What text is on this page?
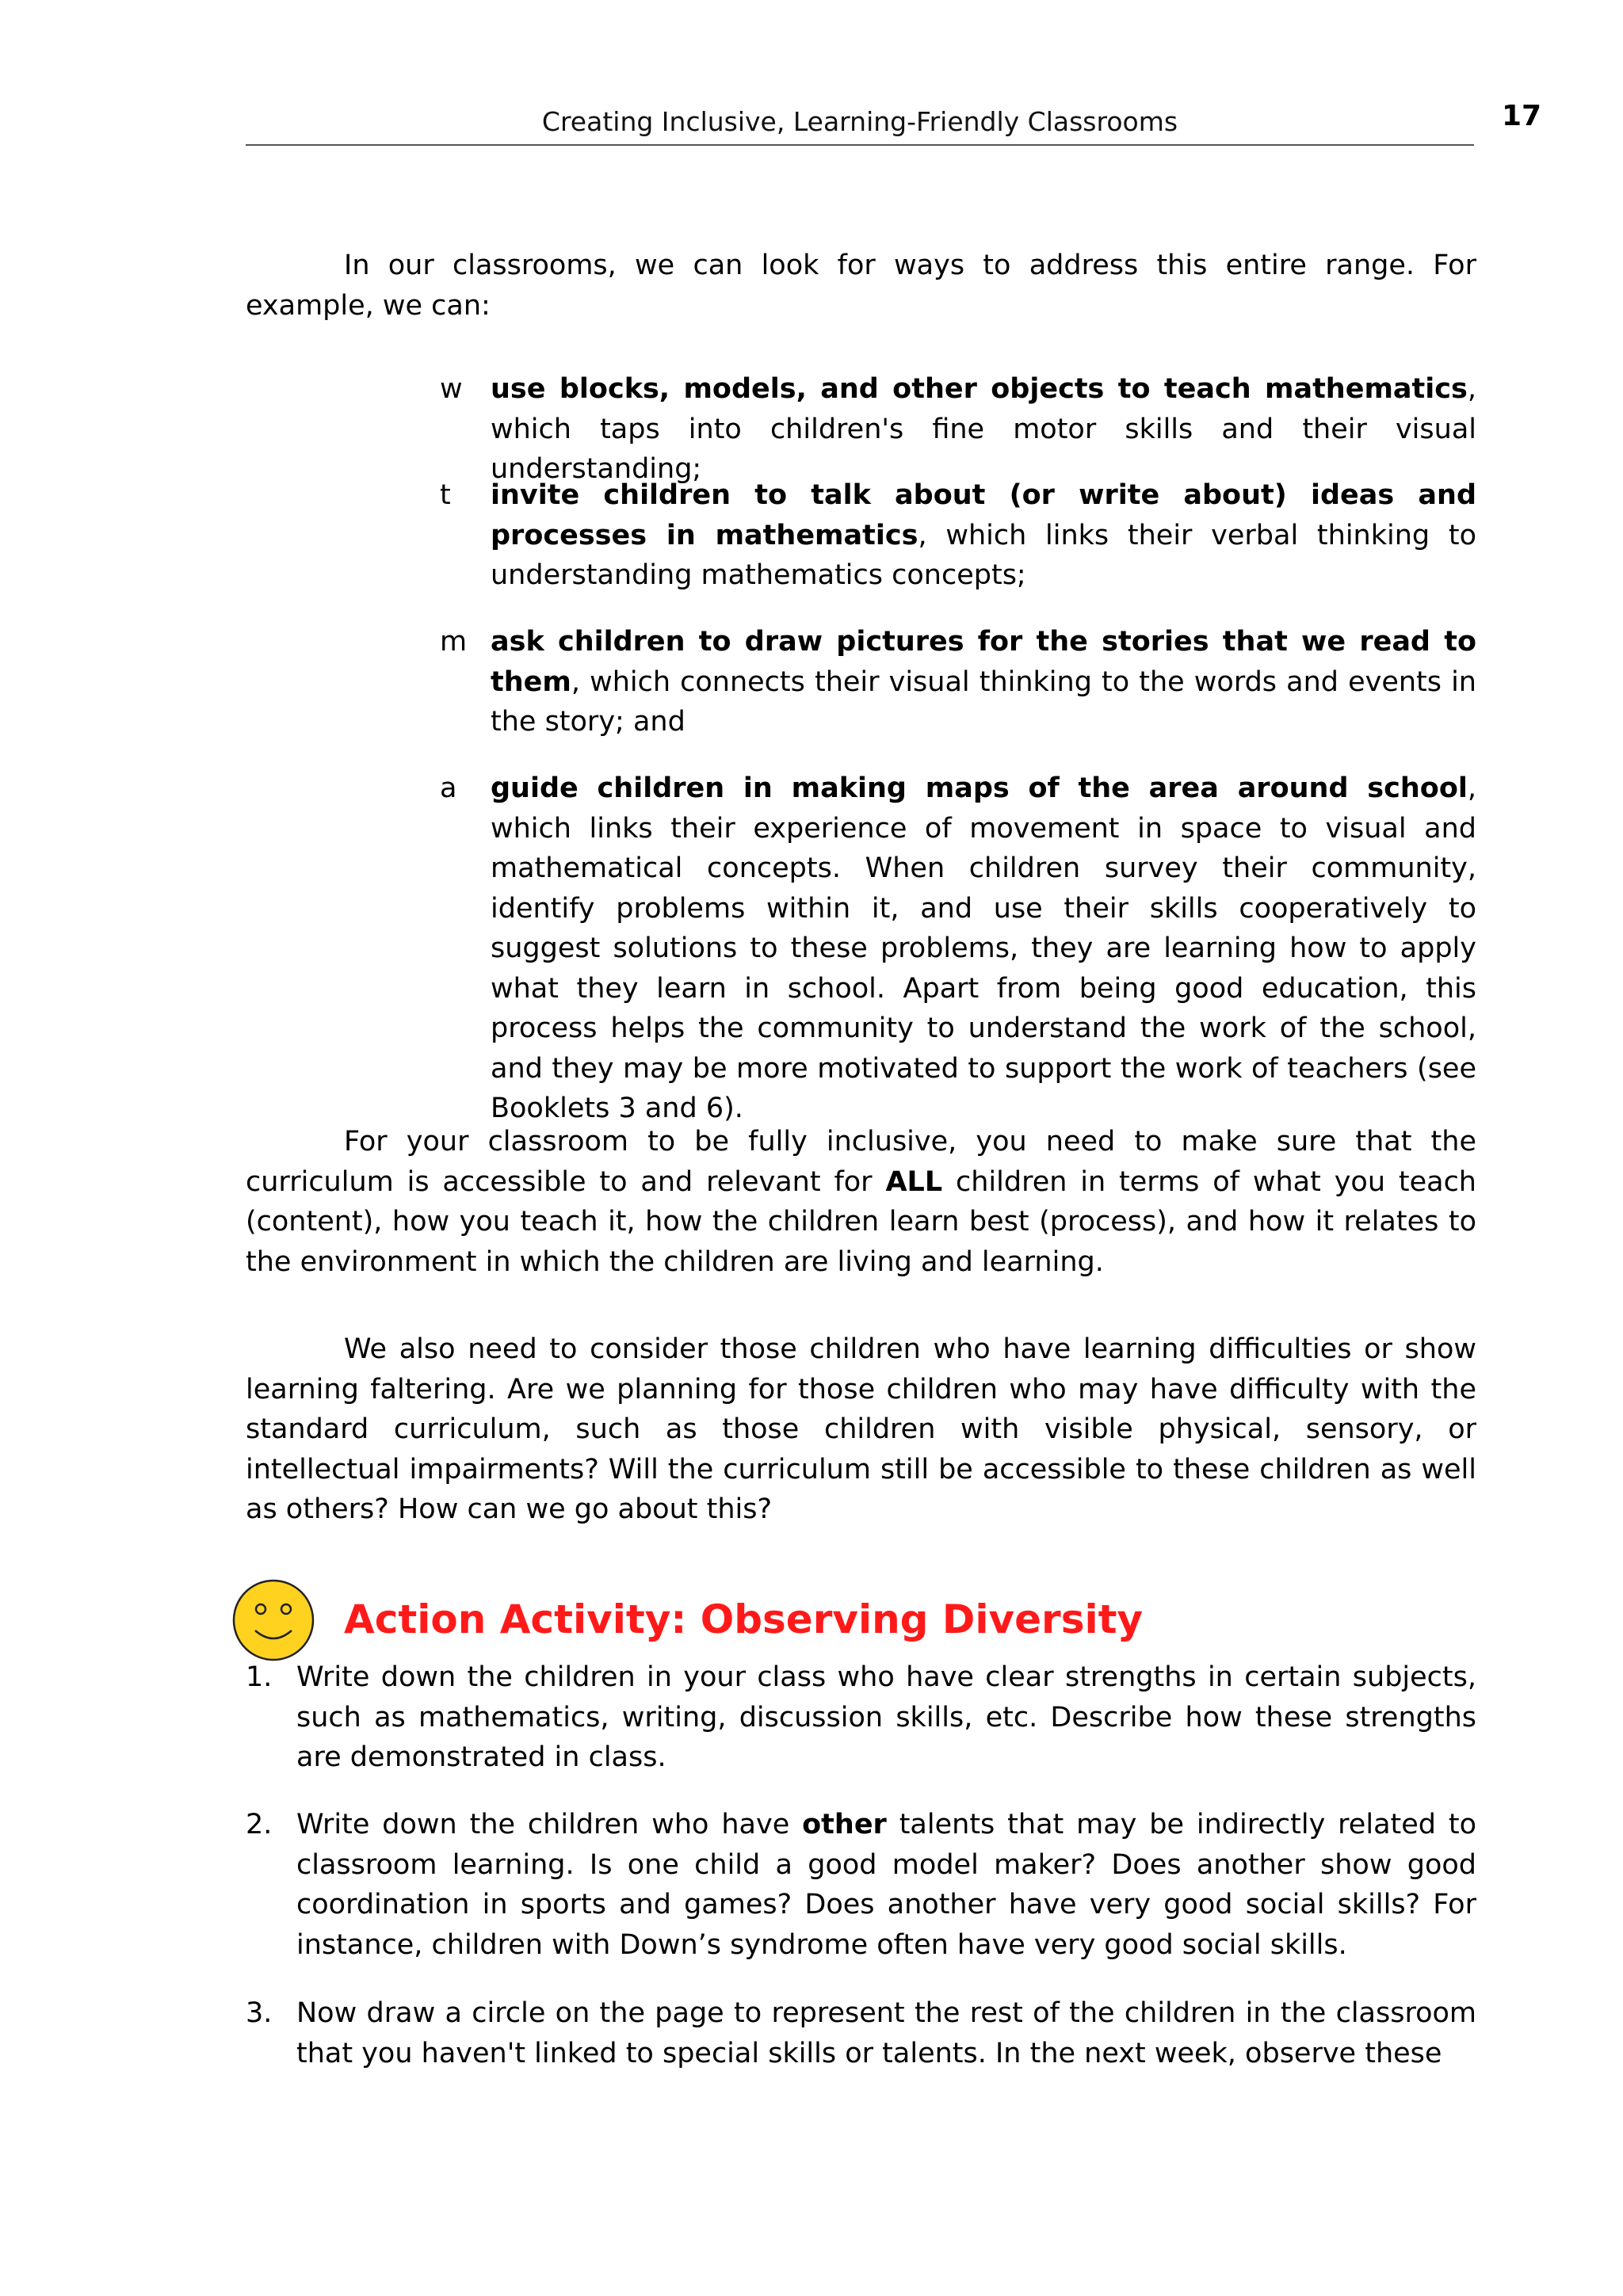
Creating Inclusive, Learning-Friendly Classrooms	17

In our classrooms, we can look for ways to address this entire range. For example, we can:

w use blocks, models, and other objects to teach mathematics, which taps into children's fine motor skills and their visual understanding;
t invite children to talk about (or write about) ideas and processes in mathematics, which links their verbal thinking to understanding mathematics concepts;
m ask children to draw pictures for the stories that we read to them, which connects their visual thinking to the words and events in the story; and
a guide children in making maps of the area around school, which links their experience of movement in space to visual and mathematical concepts. When children survey their community, identify problems within it, and use their skills cooperatively to suggest solutions to these problems, they are learning how to apply what they learn in school. Apart from being good education, this process helps the community to understand the work of the school, and they may be more motivated to support the work of teachers (see Booklets 3 and 6).

For your classroom to be fully inclusive, you need to make sure that the curriculum is accessible to and relevant for ALL children in terms of what you teach (content), how you teach it, how the children learn best (process), and how it relates to the environment in which the children are living and learning.

We also need to consider those children who have learning difficulties or show learning faltering. Are we planning for those children who may have difficulty with the standard curriculum, such as those children with visible physical, sensory, or intellectual impairments? Will the curriculum still be accessible to these children as well as others? How can we go about this?

Action Activity: Observing Diversity
1. Write down the children in your class who have clear strengths in certain subjects, such as mathematics, writing, discussion skills, etc. Describe how these strengths are demonstrated in class.
2. Write down the children who have other talents that may be indirectly related to classroom learning. Is one child a good model maker? Does another show good coordination in sports and games? Does another have very good social skills? For instance, children with Down’s syndrome often have very good social skills.
3. Now draw a circle on the page to represent the rest of the children in the classroom that you haven't linked to special skills or talents. In the next week, observe these
